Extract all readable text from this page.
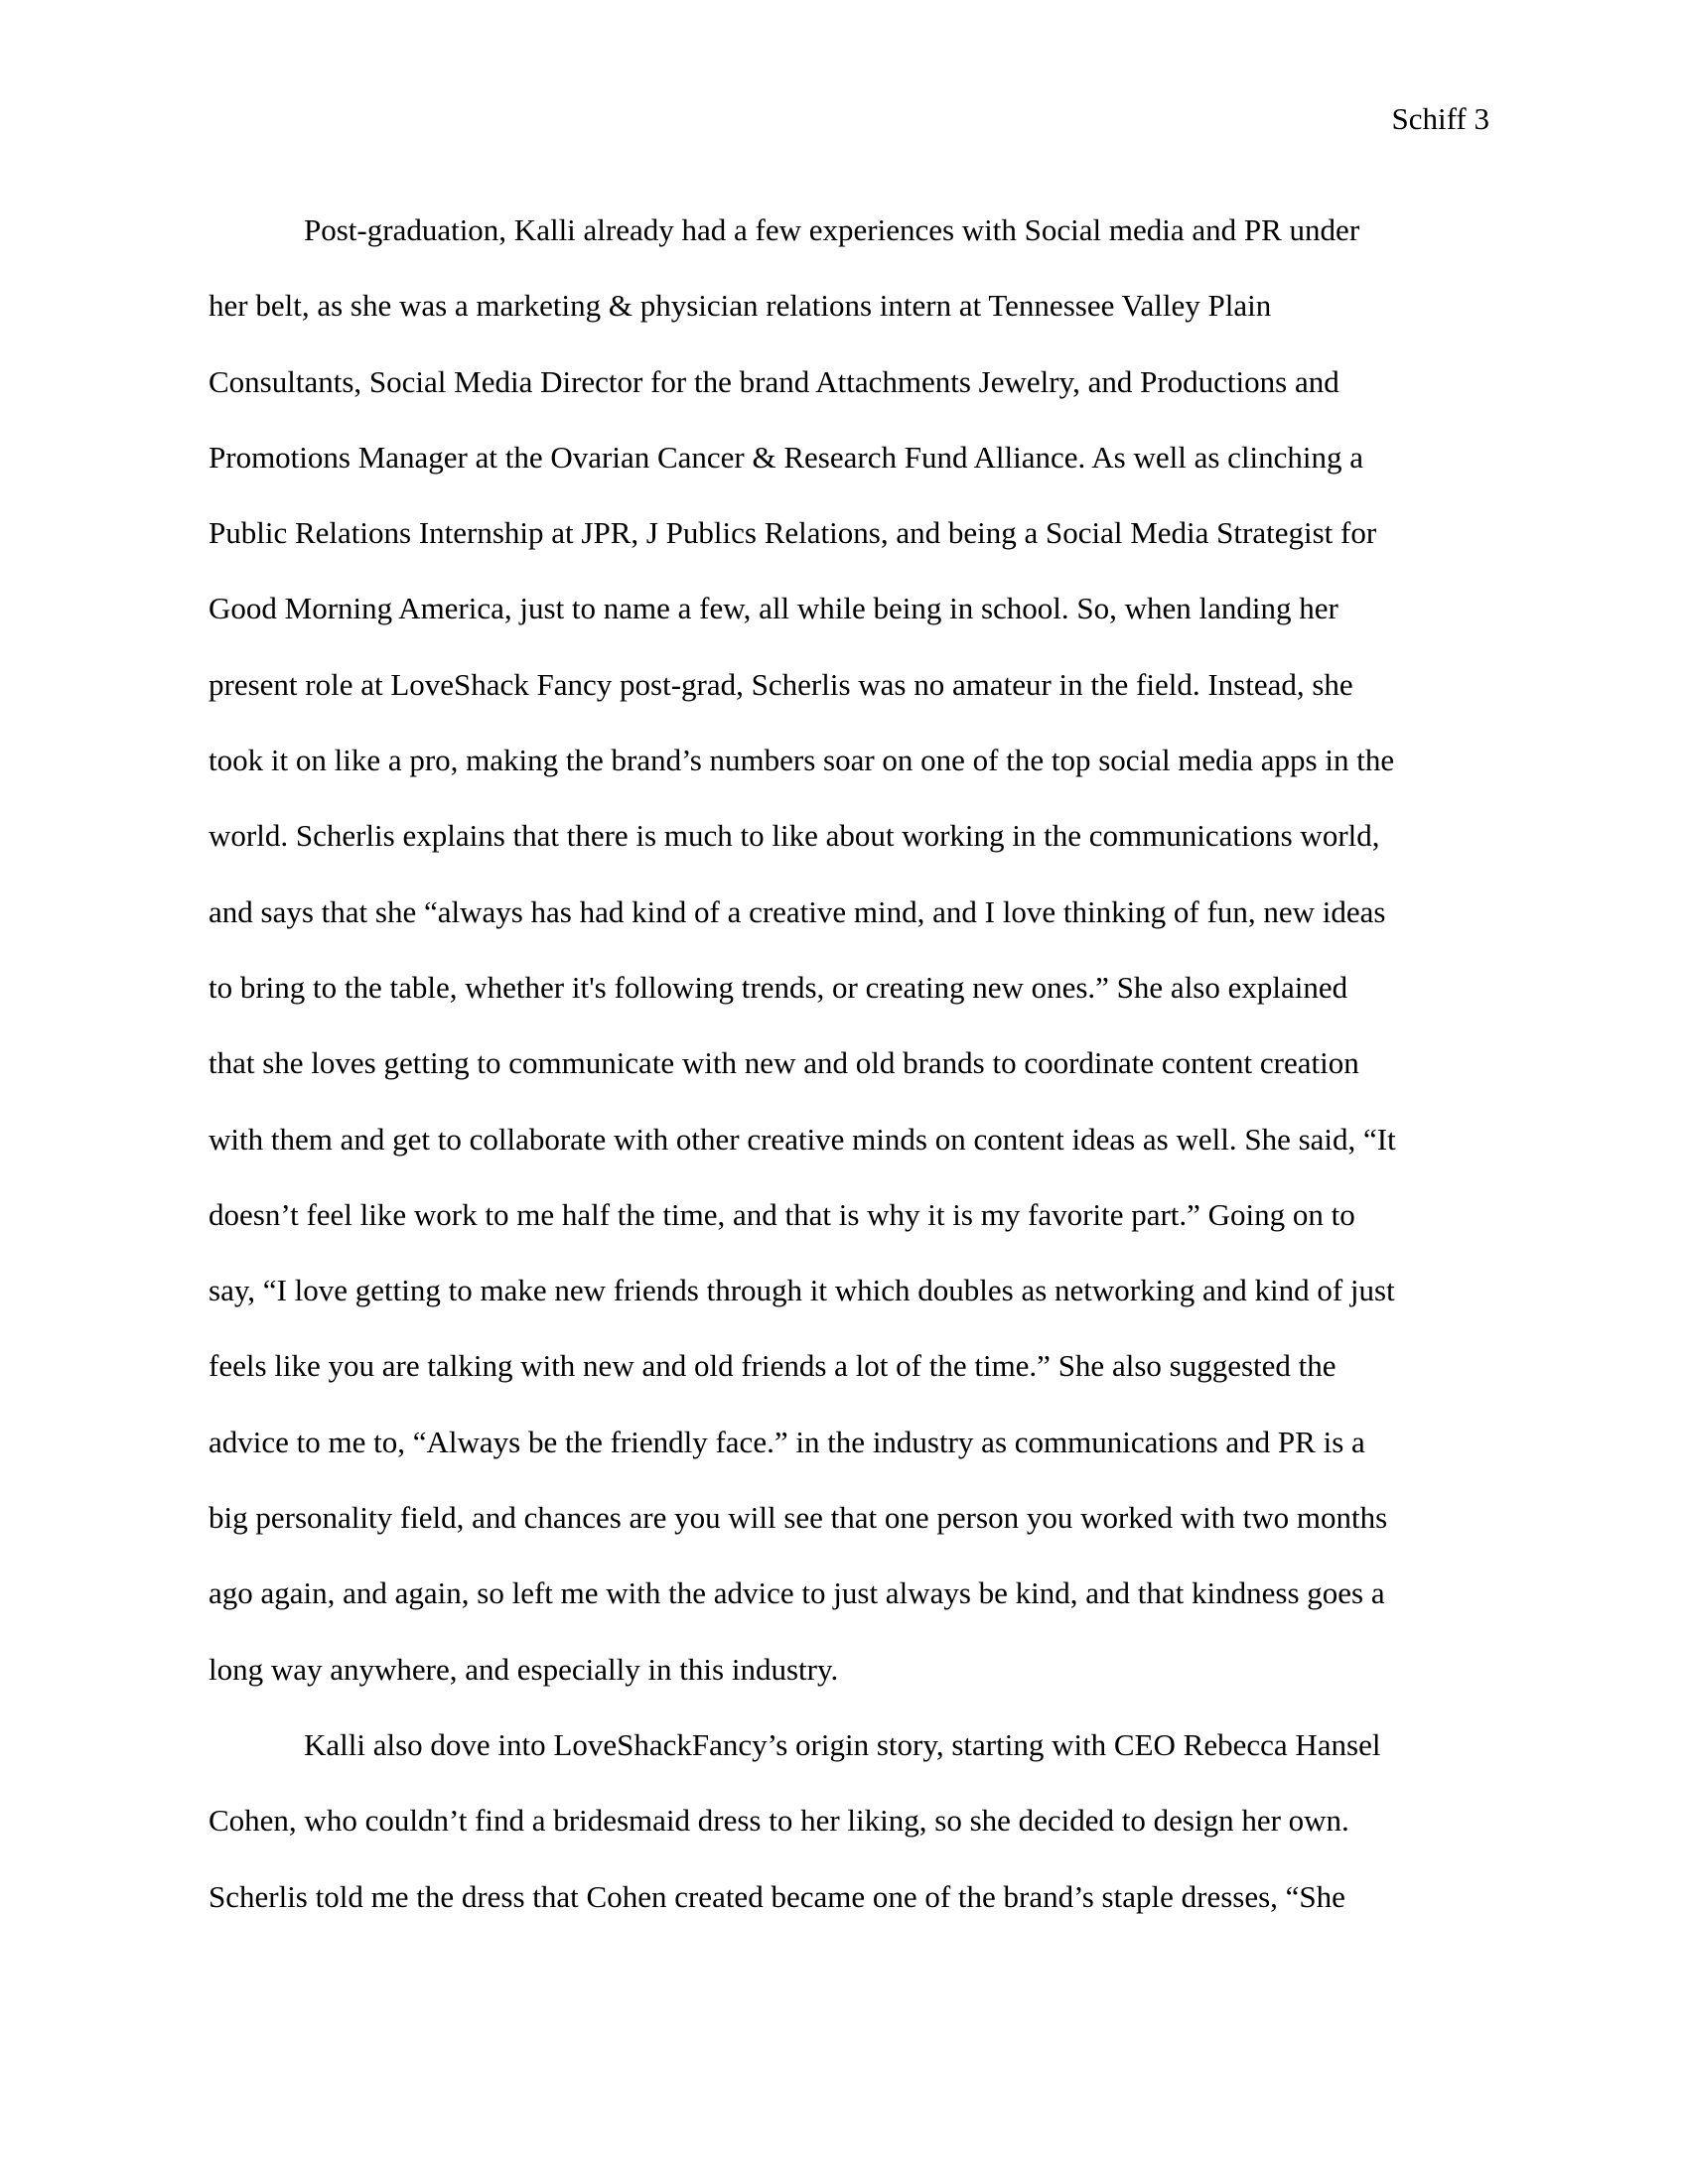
Schiff 3
Post-graduation, Kalli already had a few experiences with Social media and PR under
her belt, as she was a marketing & physician relations intern at Tennessee Valley Plain
Consultants, Social Media Director for the brand Attachments Jewelry, and Productions and
Promotions Manager at the Ovarian Cancer & Research Fund Alliance. As well as clinching a
Public Relations Internship at JPR, J Publics Relations, and being a Social Media Strategist for
Good Morning America, just to name a few, all while being in school. So, when landing her
present role at LoveShack Fancy post-grad, Scherlis was no amateur in the field. Instead, she
took it on like a pro, making the brand’s numbers soar on one of the top social media apps in the
world. Scherlis explains that there is much to like about working in the communications world,
and says that she “always has had kind of a creative mind, and I love thinking of fun, new ideas
to bring to the table, whether it's following trends, or creating new ones.” She also explained
that she loves getting to communicate with new and old brands to coordinate content creation
with them and get to collaborate with other creative minds on content ideas as well. She said, “It
doesn’t feel like work to me half the time, and that is why it is my favorite part.” Going on to
say, “I love getting to make new friends through it which doubles as networking and kind of just
feels like you are talking with new and old friends a lot of the time.” She also suggested the
advice to me to, “Always be the friendly face.” in the industry as communications and PR is a
big personality field, and chances are you will see that one person you worked with two months
ago again, and again, so left me with the advice to just always be kind, and that kindness goes a
long way anywhere, and especially in this industry.
Kalli also dove into LoveShackFancy’s origin story, starting with CEO Rebecca Hansel
Cohen, who couldn’t find a bridesmaid dress to her liking, so she decided to design her own.
Scherlis told me the dress that Cohen created became one of the brand’s staple dresses, “She
